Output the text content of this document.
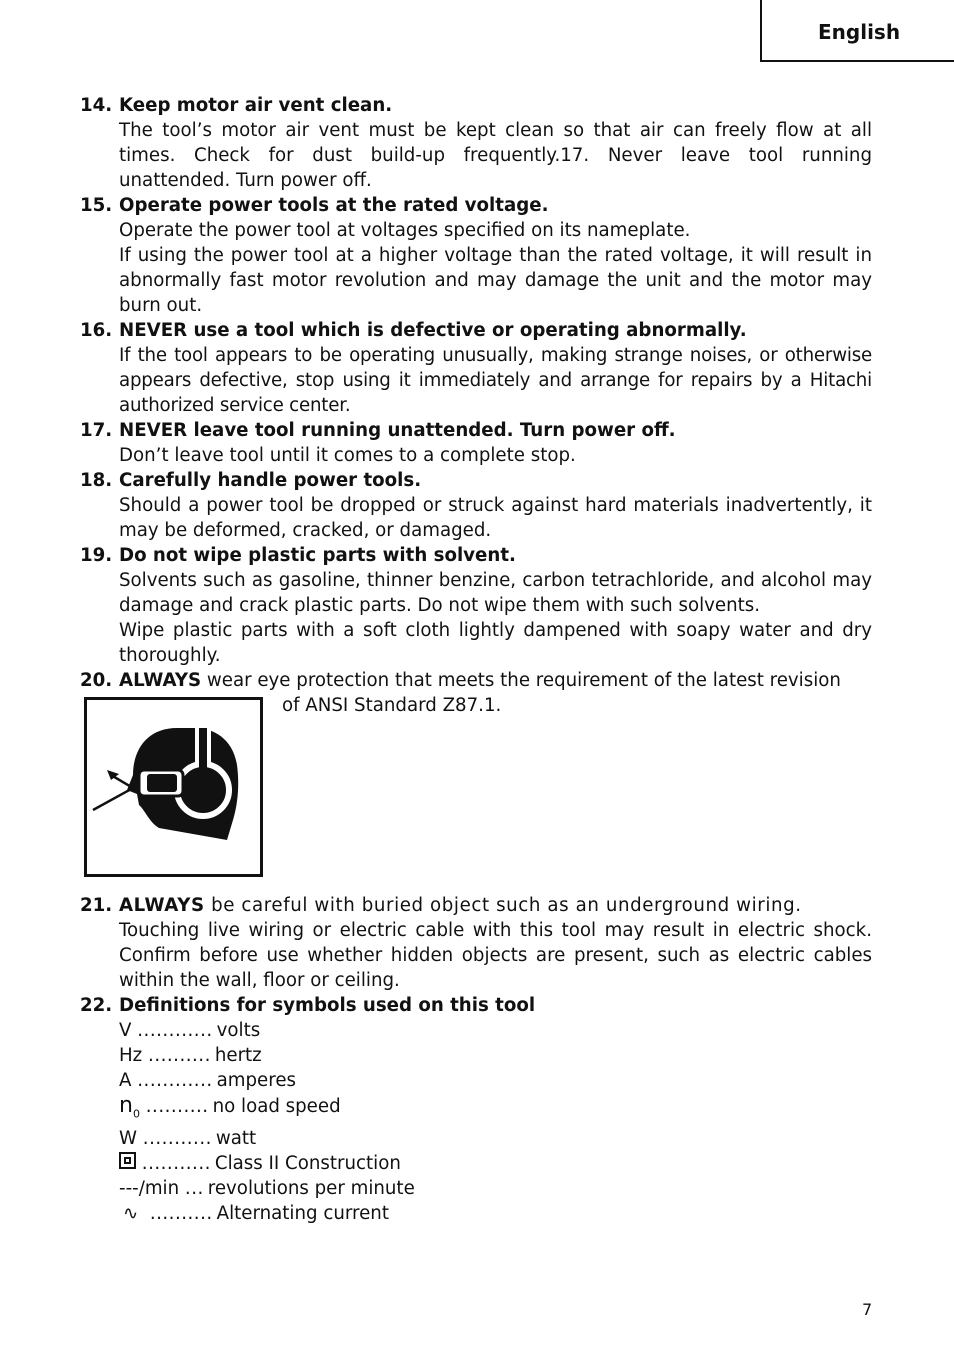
English
14. Keep motor air vent clean.
The tool’s motor air vent must be kept clean so that air can freely flow at all times. Check for dust build-up frequently.17. Never leave tool running unattended. Turn power off.
15. Operate power tools at the rated voltage.
Operate the power tool at voltages specified on its nameplate.
If using the power tool at a higher voltage than the rated voltage, it will result in abnormally fast motor revolution and may damage the unit and the motor may burn out.
16. NEVER use a tool which is defective or operating abnormally.
If the tool appears to be operating unusually, making strange noises, or otherwise appears defective, stop using it immediately and arrange for repairs by a Hitachi authorized service center.
17. NEVER leave tool running unattended. Turn power off.
Don’t leave tool until it comes to a complete stop.
18. Carefully handle power tools.
Should a power tool be dropped or struck against hard materials inadvertently, it may be deformed, cracked, or damaged.
19. Do not wipe plastic parts with solvent.
Solvents such as gasoline, thinner benzine, carbon tetrachloride, and alcohol may damage and crack plastic parts. Do not wipe them with such solvents.
Wipe plastic parts with a soft cloth lightly dampened with soapy water and dry thoroughly.
20. ALWAYS wear eye protection that meets the requirement of the latest revision
of ANSI Standard Z87.1.
21. ALWAYS be careful with buried object such as an underground wiring.
Touching live wiring or electric cable with this tool may result in electric shock. Confirm before use whether hidden objects are present, such as electric cables within the wall, floor or ceiling.
22. Definitions for symbols used on this tool
V
............ volts
Hz
.......... hertz
A
............ amperes
$n_0$
.......... no load speed
W
........... watt

........... Class II Construction
---/min
... revolutions per minute
∿
.......... Alternating current
7
